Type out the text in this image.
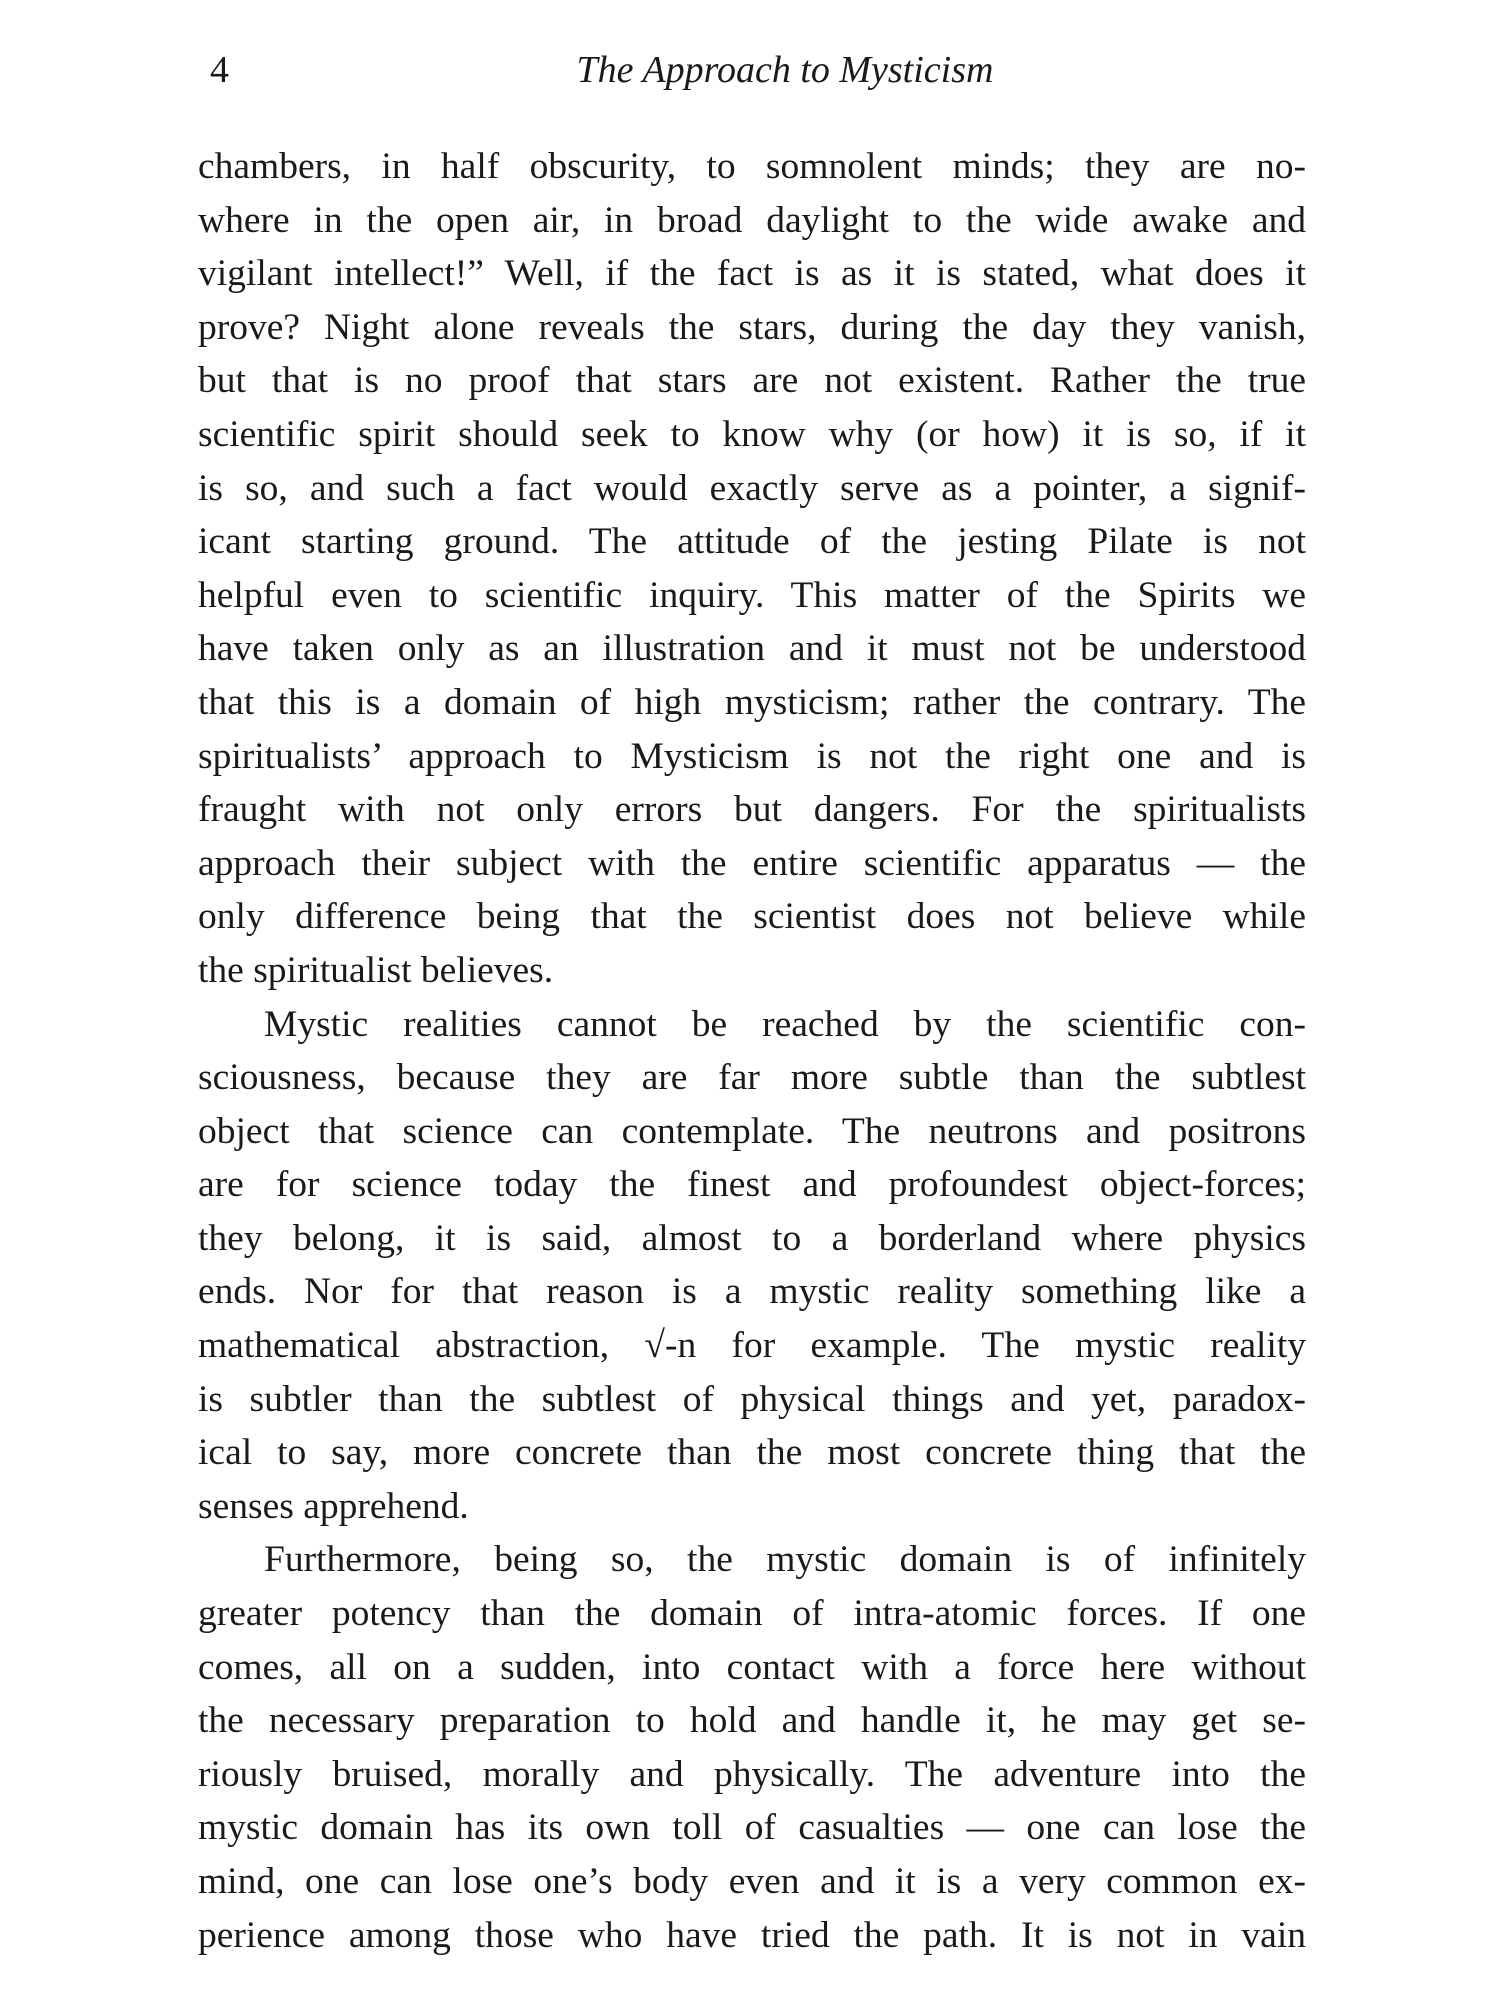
4	The Approach to Mysticism
chambers, in half obscurity, to somnolent minds; they are no-
where in the open air, in broad daylight to the wide awake and
vigilant intellect!” Well, if the fact is as it is stated, what does it
prove? Night alone reveals the stars, during the day they vanish,
but that is no proof that stars are not existent. Rather the true
scientific spirit should seek to know why (or how) it is so, if it
is so, and such a fact would exactly serve as a pointer, a signif-
icant starting ground. The attitude of the jesting Pilate is not
helpful even to scientific inquiry. This matter of the Spirits we
have taken only as an illustration and it must not be understood
that this is a domain of high mysticism; rather the contrary. The
spiritualists’ approach to Mysticism is not the right one and is
fraught with not only errors but dangers. For the spiritualists
approach their subject with the entire scientific apparatus — the
only difference being that the scientist does not believe while
the spiritualist believes.
Mystic realities cannot be reached by the scientific con-
sciousness, because they are far more subtle than the subtlest
object that science can contemplate. The neutrons and positrons
are for science today the finest and profoundest object-forces;
they belong, it is said, almost to a borderland where physics
ends. Nor for that reason is a mystic reality something like a
mathematical abstraction, √-n for example. The mystic reality
is subtler than the subtlest of physical things and yet, paradox-
ical to say, more concrete than the most concrete thing that the
senses apprehend.
Furthermore, being so, the mystic domain is of infinitely
greater potency than the domain of intra-atomic forces. If one
comes, all on a sudden, into contact with a force here without
the necessary preparation to hold and handle it, he may get se-
riously bruised, morally and physically. The adventure into the
mystic domain has its own toll of casualties — one can lose the
mind, one can lose one’s body even and it is a very common ex-
perience among those who have tried the path. It is not in vain
